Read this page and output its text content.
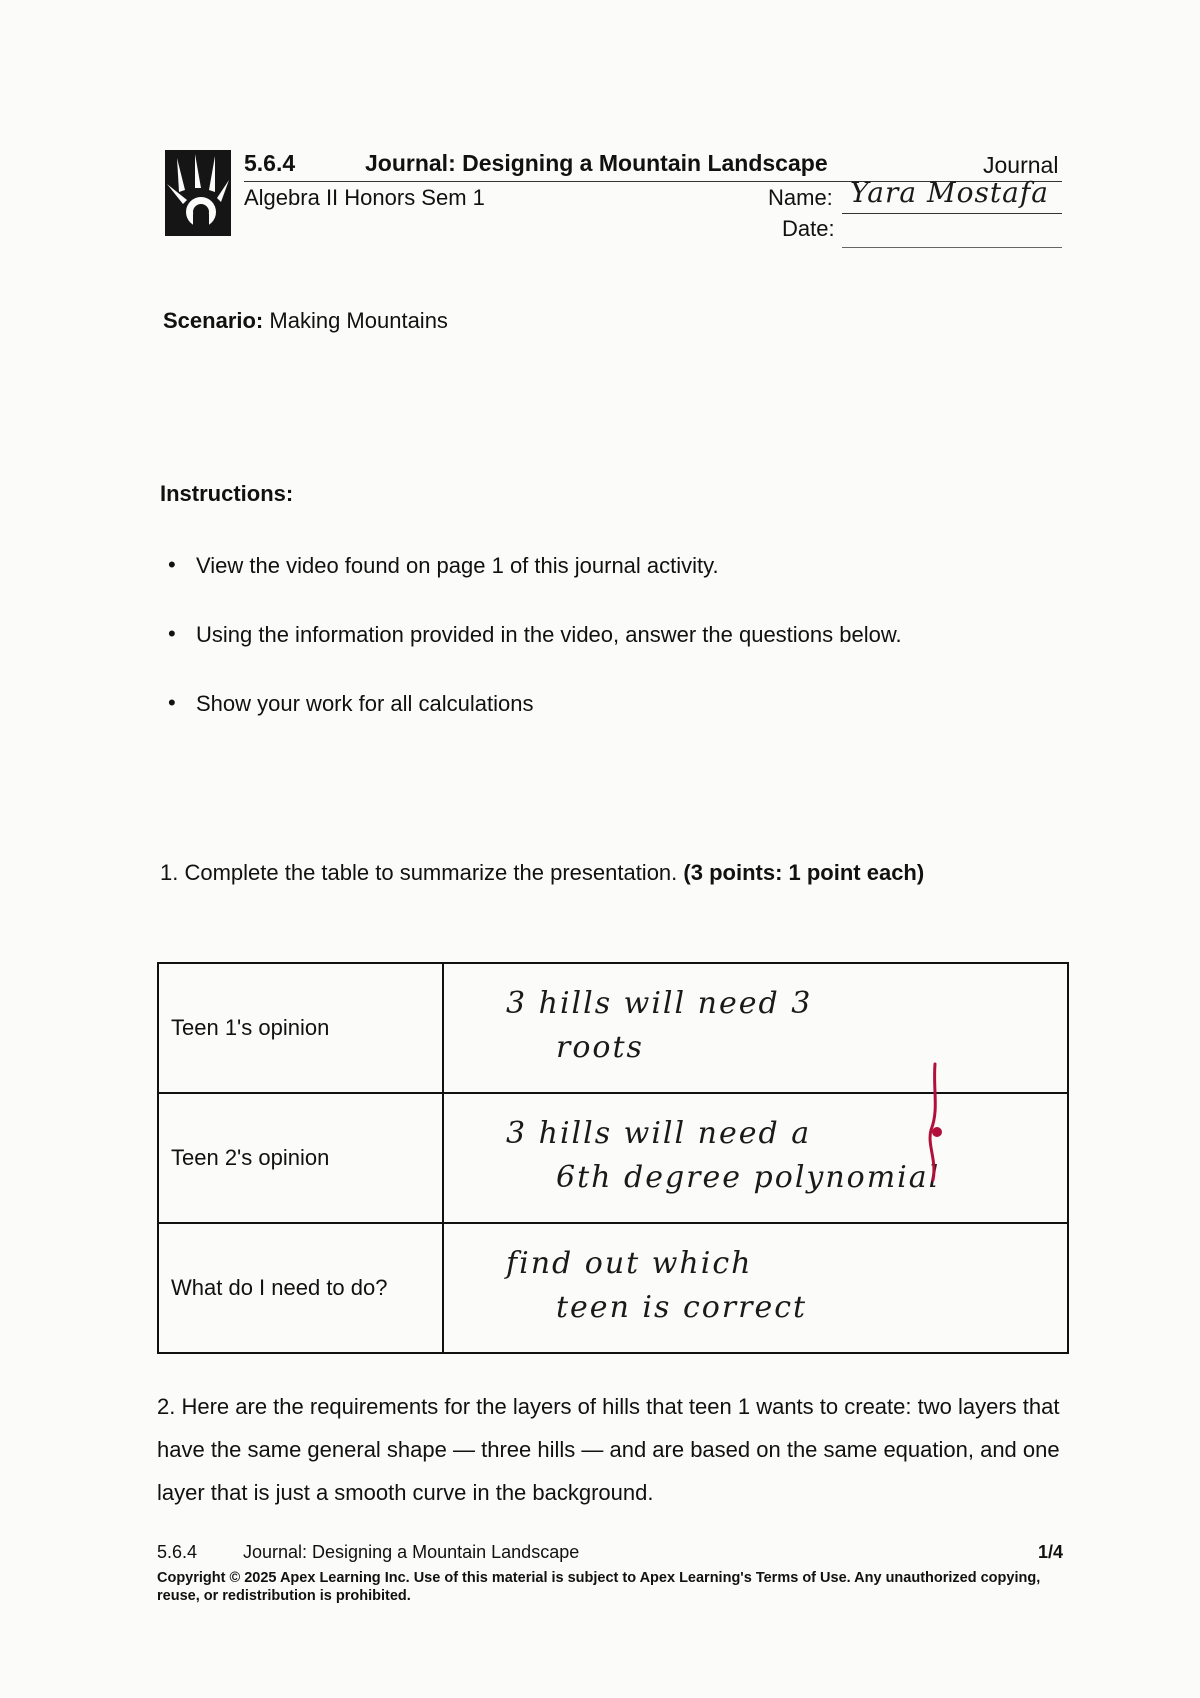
5.6.4	Journal: Designing a Mountain Landscape	Journal
Algebra II Honors Sem 1	Name: Yara Mostafa
Date:
Scenario: Making Mountains
Instructions:
• View the video found on page 1 of this journal activity.
• Using the information provided in the video, answer the questions below.
• Show your work for all calculations
1. Complete the table to summarize the presentation. (3 points: 1 point each)
Teen 1's opinion	3 hills will need 3
roots

Teen 2's opinion	3 hills will need a
6th degree polynomial

What do I need to do?	find out which
teen is correct

2. Here are the requirements for the layers of hills that teen 1 wants to create: two layers that have the same general shape — three hills — and are based on the same equation, and one layer that is just a smooth curve in the background.

5.6.4	Journal: Designing a Mountain Landscape	1/4
Copyright © 2025 Apex Learning Inc. Use of this material is subject to Apex Learning's Terms of Use. Any unauthorized copying, reuse, or redistribution is prohibited.
